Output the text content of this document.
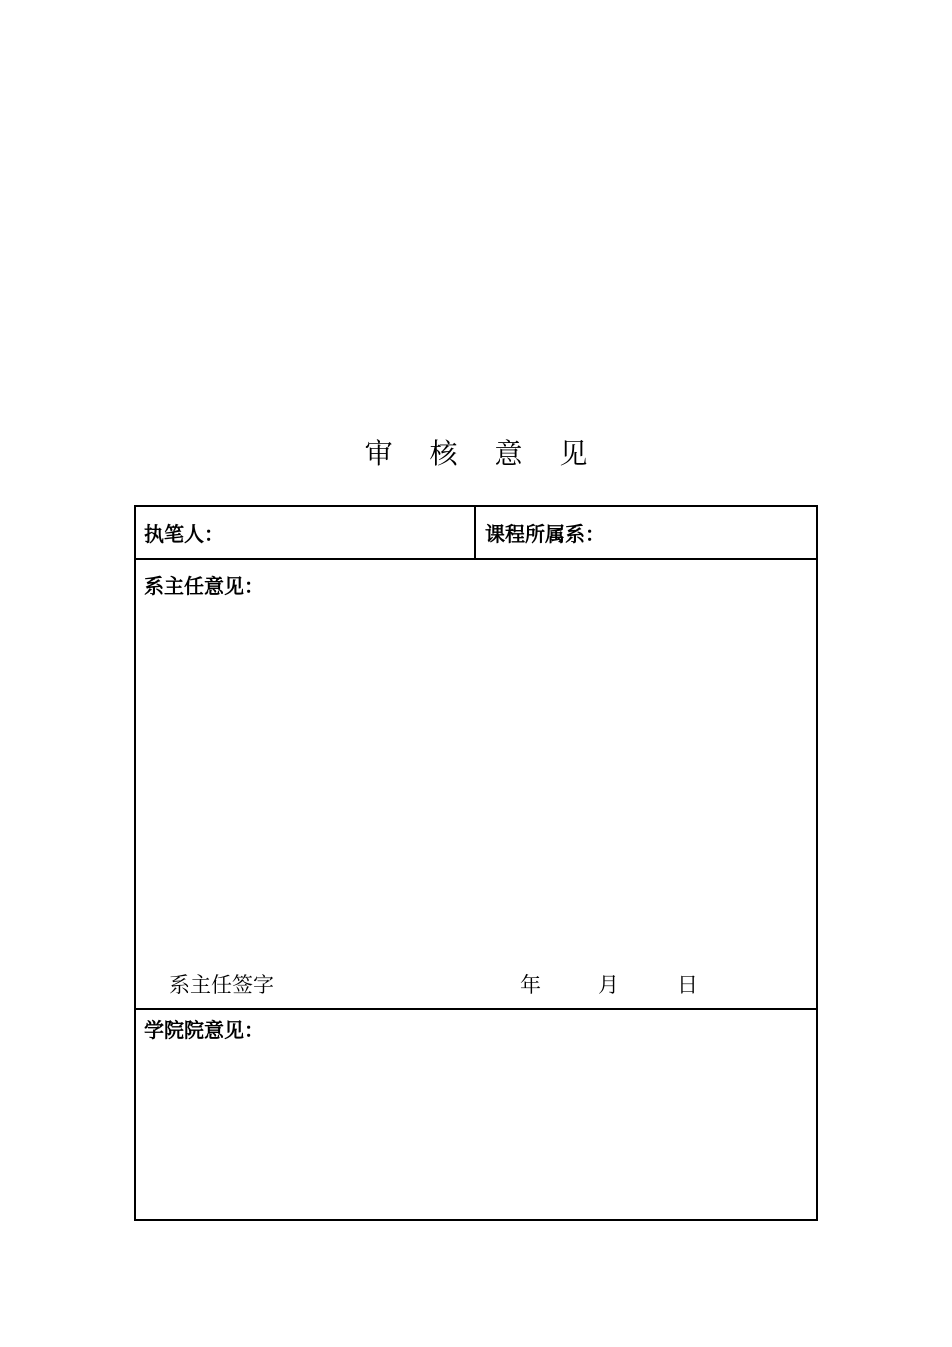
审 核 意 见
执笔人：	课程所属系：
系主任意见：
系主任签字	年	月	日
学院院意见：
